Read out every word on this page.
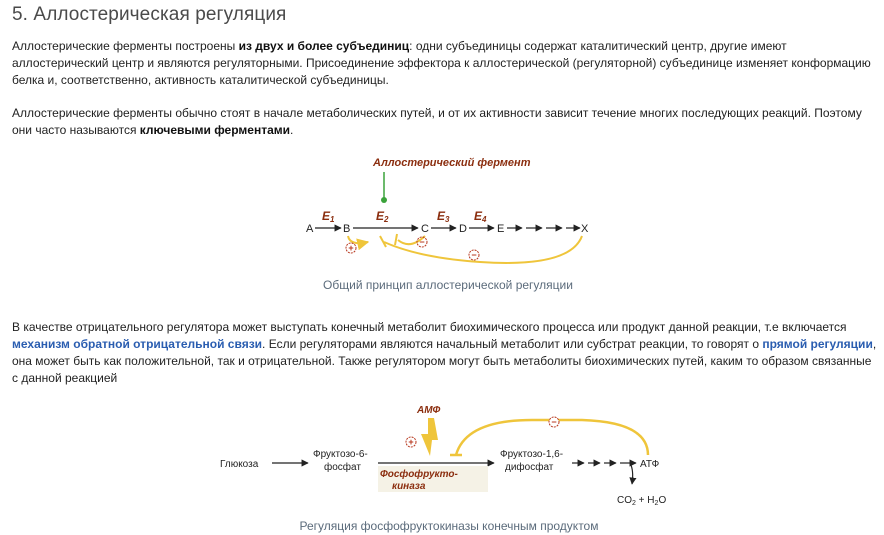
5. Аллостерическая регуляция

Аллостерические ферменты построены из двух и более субъединиц: одни субъединицы содержат каталитический центр, другие имеют аллостерический центр и являются регуляторными. Присоединение эффектора к аллостерической (регуляторной) субъединице изменяет конформацию белка и, соответственно, активность каталитической субъединицы.

Аллостерические ферменты обычно стоят в начале метаболических путей, и от их активности зависит течение многих последующих реакций. Поэтому они часто называются ключевыми ферментами.

Аллостерический фермент
E1	E2	E3 E4
A	B	C	D	E	X
+
−
−
Общий принцип аллостерической регуляции

В качестве отрицательного регулятора может выступать конечный метаболит биохимического процесса или продукт данной реакции, т.е включается механизм обратной отрицательной связи. Если регуляторами являются начальный метаболит или субстрат реакции, то говорят о прямой регуляции, она может быть как положительной, так и отрицательной. Также регулятором могут быть метаболиты биохимических путей, каким то образом связанные с данной реакцией

АМФ
+
Глюкоза
Фруктозо-6-
фосфат
Фосфофрукто-
киназа
Фруктозо-1,6-
дифосфат	АТФ
$CO_2 + H_2O$
−
Регуляция фосфофруктокиназы конечным продуктом
